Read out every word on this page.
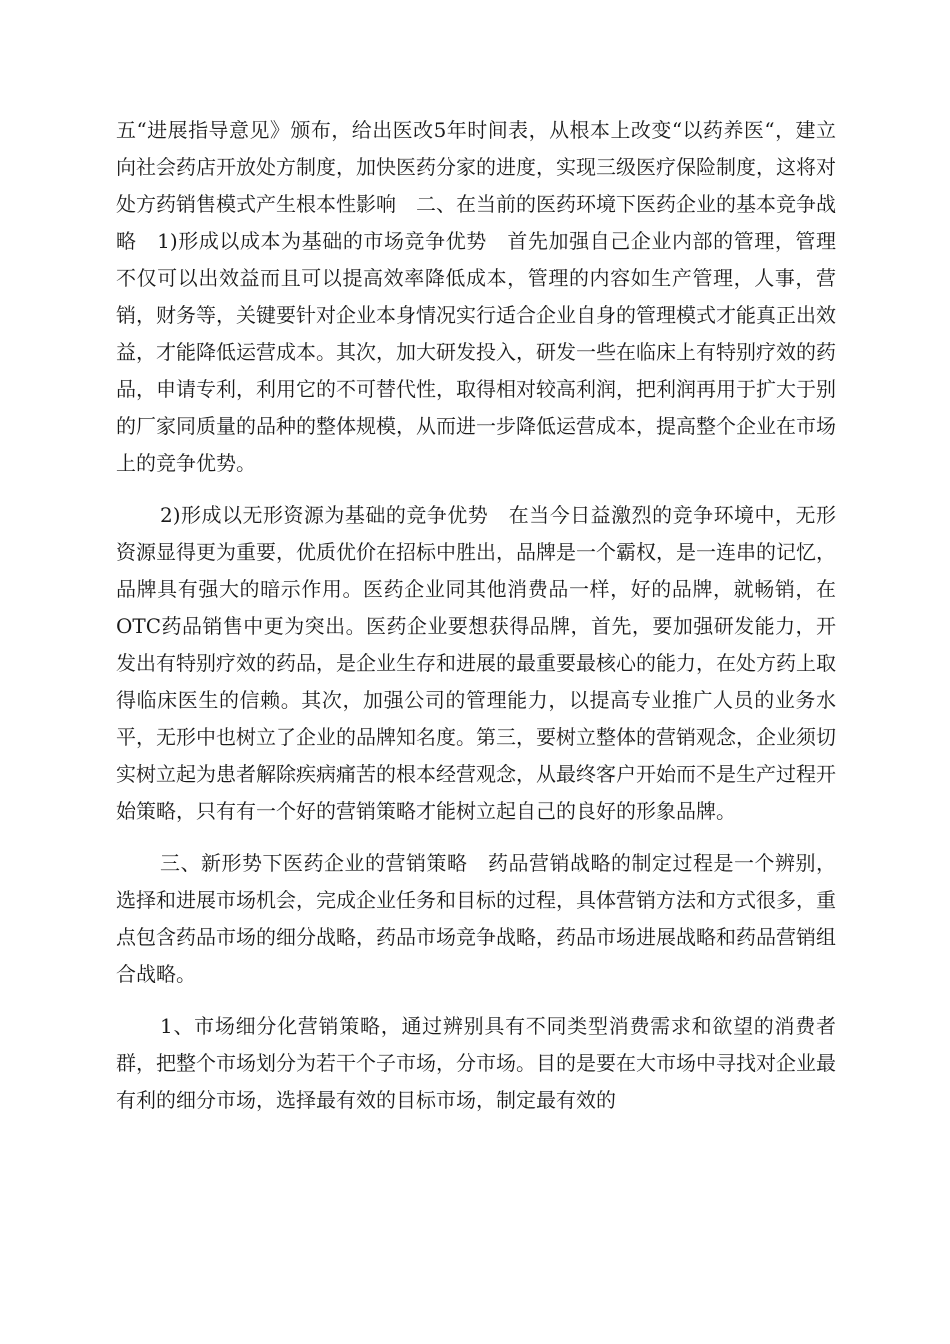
五“进展指导意见》颁布，给出医改5年时间表，从根本上改变“以药养医“，建立向社会药店开放处方制度，加快医药分家的进度，实现三级医疗保险制度，这将对处方药销售模式产生根本性影响　二、在当前的医药环境下医药企业的基本竞争战略　1)形成以成本为基础的市场竞争优势　首先加强自己企业内部的管理，管理不仅可以出效益而且可以提高效率降低成本，管理的内容如生产管理，人事，营销，财务等，关键要针对企业本身情况实行适合企业自身的管理模式才能真正出效益，才能降低运营成本。其次，加大研发投入，研发一些在临床上有特别疗效的药品，申请专利，利用它的不可替代性，取得相对较高利润，把利润再用于扩大于别的厂家同质量的品种的整体规模，从而进一步降低运营成本，提高整个企业在市场上的竞争优势。

2)形成以无形资源为基础的竞争优势　在当今日益激烈的竞争环境中，无形资源显得更为重要，优质优价在招标中胜出，品牌是一个霸权，是一连串的记忆，品牌具有强大的暗示作用。医药企业同其他消费品一样，好的品牌，就畅销，在OTC药品销售中更为突出。医药企业要想获得品牌，首先，要加强研发能力，开发出有特别疗效的药品，是企业生存和进展的最重要最核心的能力，在处方药上取得临床医生的信赖。其次，加强公司的管理能力，以提高专业推广人员的业务水平，无形中也树立了企业的品牌知名度。第三，要树立整体的营销观念，企业须切实树立起为患者解除疾病痛苦的根本经营观念，从最终客户开始而不是生产过程开始策略，只有有一个好的营销策略才能树立起自己的良好的形象品牌。

三、新形势下医药企业的营销策略　药品营销战略的制定过程是一个辨别，选择和进展市场机会，完成企业任务和目标的过程，具体营销方法和方式很多，重点包含药品市场的细分战略，药品市场竞争战略，药品市场进展战略和药品营销组合战略。

1、市场细分化营销策略，通过辨别具有不同类型消费需求和欲望的消费者群，把整个市场划分为若干个子市场，分市场。目的是要在大市场中寻找对企业最有利的细分市场，选择最有效的目标市场，制定最有效的
